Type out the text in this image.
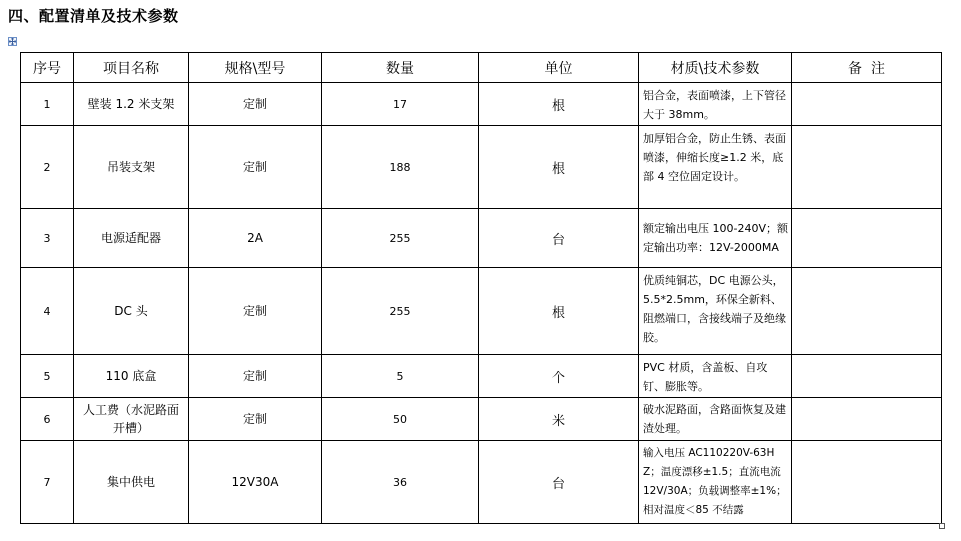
四、配置清单及技术参数
序号	项目名称	规格\型号	数量	单位	材质\技术参数	备  注
1	壁装 1.2 米支架	定制	17	根	铝合金，表面喷漆，上下管径大于 38mm。	
2	吊装支架	定制	188	根	加厚铝合金，防止生锈、表面喷漆，伸缩长度≥1.2 米，底部 4 空位固定设计。	
3	电源适配器	2A	255	台	额定输出电压 100-240V；额定输出功率：12V-2000MA	
4	DC 头	定制	255	根	优质纯铜芯，DC 电源公头，5.5*2.5mm，环保全新料、阻燃端口，含接线端子及绝缘胶。	
5	110 底盒	定制	5	个	PVC 材质，含盖板、自攻钉、膨胀等。	
6	人工费（水泥路面开槽）	定制	50	米	破水泥路面，含路面恢复及建渣处理。	
7	集中供电	12V30A	36	台	输入电压 AC110220V-63HZ；温度漂移±1.5；直流电流 12V/30A；负载调整率±1%；相对温度＜85 不结露	
